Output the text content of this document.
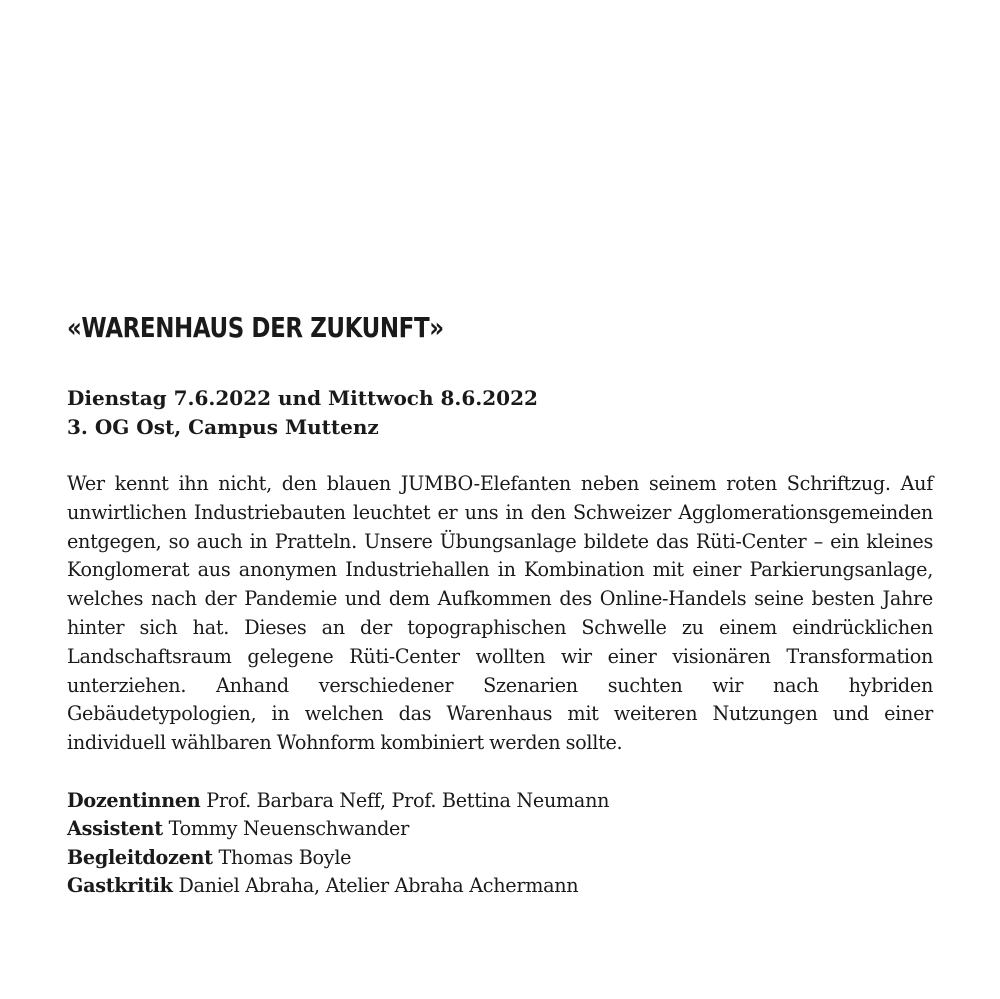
«WARENHAUS DER ZUKUNFT»
Dienstag 7.6.2022 und Mittwoch 8.6.2022
3. OG Ost, Campus Muttenz

Wer kennt ihn nicht, den blauen JUMBO-Elefanten neben seinem roten Schriftzug. Auf unwirtlichen Industriebauten leuchtet er uns in den Schweizer Agglomerationsgemeinden entgegen, so auch in Pratteln. Unsere Übungsanlage bildete das Rüti-Center – ein kleines Konglomerat aus anonymen Industriehallen in Kombination mit einer Parkierungsanlage, welches nach der Pandemie und dem Aufkommen des Online-Handels seine besten Jahre hinter sich hat. Dieses an der topographischen Schwelle zu einem eindrücklichen Landschaftsraum gelegene Rüti-Center wollten wir einer visionären Transformation unterziehen. Anhand verschiedener Szenarien suchten wir nach hybriden Gebäudetypologien, in welchen das Warenhaus mit weiteren Nutzungen und einer individuell wählbaren Wohnform kombiniert werden sollte.

Dozentinnen Prof. Barbara Neff, Prof. Bettina Neumann
Assistent Tommy Neuenschwander
Begleitdozent Thomas Boyle
Gastkritik Daniel Abraha, Atelier Abraha Achermann
